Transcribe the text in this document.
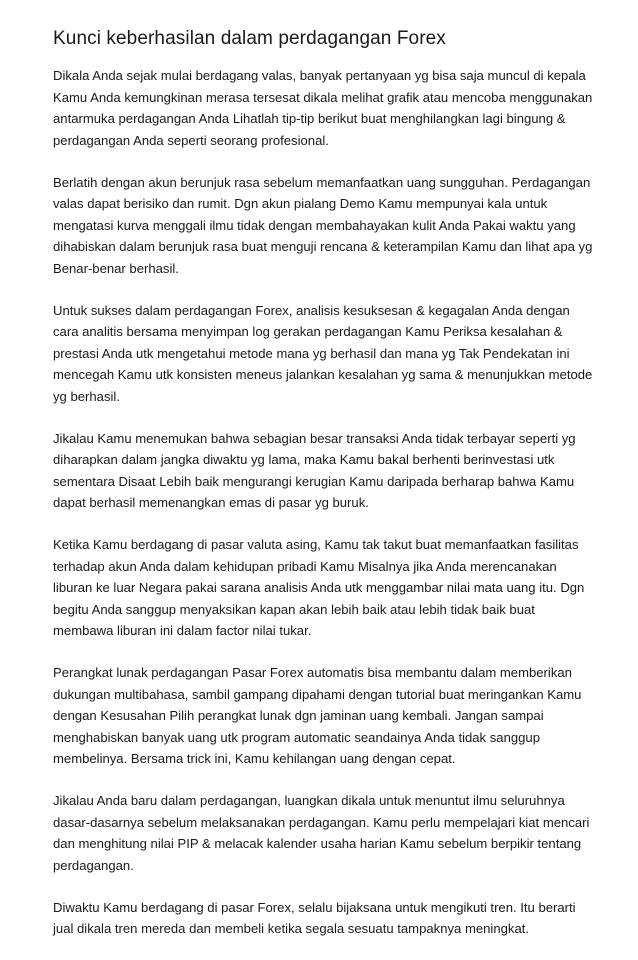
Kunci keberhasilan dalam perdagangan Forex

Dikala Anda sejak mulai berdagang valas, banyak pertanyaan yg bisa saja muncul di kepala Kamu Anda kemungkinan merasa tersesat dikala melihat grafik atau mencoba menggunakan antarmuka perdagangan Anda Lihatlah tip-tip berikut buat menghilangkan lagi bingung & perdagangan Anda seperti seorang profesional.

Berlatih dengan akun berunjuk rasa sebelum memanfaatkan uang sungguhan. Perdagangan valas dapat berisiko dan rumit. Dgn akun pialang Demo Kamu mempunyai kala untuk mengatasi kurva menggali ilmu tidak dengan membahayakan kulit Anda Pakai waktu yang dihabiskan dalam berunjuk rasa buat menguji rencana & keterampilan Kamu dan lihat apa yg Benar-benar berhasil.

Untuk sukses dalam perdagangan Forex, analisis kesuksesan & kegagalan Anda dengan cara analitis bersama menyimpan log gerakan perdagangan Kamu Periksa kesalahan & prestasi Anda utk mengetahui metode mana yg berhasil dan mana yg Tak Pendekatan ini mencegah Kamu utk konsisten meneus jalankan kesalahan yg sama & menunjukkan metode yg berhasil.

Jikalau Kamu menemukan bahwa sebagian besar transaksi Anda tidak terbayar seperti yg diharapkan dalam jangka diwaktu yg lama, maka Kamu bakal berhenti berinvestasi utk sementara Disaat Lebih baik mengurangi kerugian Kamu daripada berharap bahwa Kamu dapat berhasil memenangkan emas di pasar yg buruk.

Ketika Kamu berdagang di pasar valuta asing, Kamu tak takut buat memanfaatkan fasilitas terhadap akun Anda dalam kehidupan pribadi Kamu Misalnya jika Anda merencanakan liburan ke luar Negara pakai sarana analisis Anda utk menggambar nilai mata uang itu. Dgn begitu Anda sanggup menyaksikan kapan akan lebih baik atau lebih tidak baik buat membawa liburan ini dalam factor nilai tukar.

Perangkat lunak perdagangan Pasar Forex automatis bisa membantu dalam memberikan dukungan multibahasa, sambil gampang dipahami dengan tutorial buat meringankan Kamu dengan Kesusahan Pilih perangkat lunak dgn jaminan uang kembali. Jangan sampai menghabiskan banyak uang utk program automatic seandainya Anda tidak sanggup membelinya. Bersama trick ini, Kamu kehilangan uang dengan cepat.

Jikalau Anda baru dalam perdagangan, luangkan dikala untuk menuntut ilmu seluruhnya dasar-dasarnya sebelum melaksanakan perdagangan. Kamu perlu mempelajari kiat mencari dan menghitung nilai PIP & melacak kalender usaha harian Kamu sebelum berpikir tentang perdagangan.

Diwaktu Kamu berdagang di pasar Forex, selalu bijaksana untuk mengikuti tren. Itu berarti jual dikala tren mereda dan membeli ketika segala sesuatu tampaknya meningkat.
